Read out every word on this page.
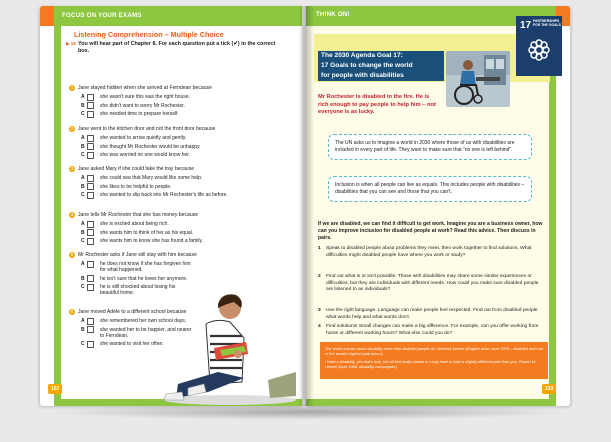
FOCUS ON YOUR EXAMS
Listening Comprehension – Multiple Choice
▶ 19 You will hear part of Chapter 8. For each question put a tick (✔) in the correct box.
1 Jane stayed hidden when she arrived at Ferndean because
A	she wasn't sure this was the right house.
B	she didn't want to worry Mr Rochester.
C	she needed time to prepare herself.
2 Jane went to the kitchen door and not the front door because
A	she wanted to arrive quietly and gently.
B	she thought Mr Rochester would be unhappy.
C	she was worried no one would know her.
3 Jane asked Mary if she could take the tray because
A	she could see that Mary would like some help.
B	she likes to be helpful to people.
C	she wanted to slip back into Mr Rochester's life as before.
4 Jane tells Mr Rochester that she has money because
A	she is excited about being rich.
B	she wants him to think of her as his equal.
C	she wants him to know she has found a family.
5 Mr Rochester asks if Jane will stay with him because
A	he does not know if she has forgiven him for what happened.
B	he isn't sure that he loves her anymore.
C	he is still shocked about losing his beautiful home.
6 Jane moved Adèle to a different school because
A	she remembered her own school days.
B	she wanted her to be happier, and nearer to Ferndean.
C	she wanted to visit her often.
102
THINK ON!
17 PARTNERSHIPS FOR THE GOALS
The 2030 Agenda Goal 17:
17 Goals to change the world
for people with disabilities
Mr Rochester is disabled in the fire. He is rich enough to pay people to help him – not everyone is as lucky.
The UN asks us to imagine a world in 2030 where those of us with disabilities are included in every part of life. They want to make sure that “no one is left behind”.
Inclusion is when all people can live as equals. This includes people with disabilities – disabilities that you can see and those that you can't.
If we are disabled, we can find it difficult to get work. Imagine you are a business owner, how can you improve inclusion for disabled people at work? Read this advice. Then discuss in pairs.
1 Speak to disabled people about problems they meet, then work together to find solutions. What difficulties might disabled people have where you work or study?
2 Find out what is or isn't possible. Those with disabilities may share some similar experiences or difficulties, but they are individuals with different needs. How could you make sure disabled people are listened to as individuals?
3 Use the right language. Language can make people feel respected. Find out from disabled people what words help and what words don't.
4 Find solutions! Small changes can make a big difference. For example, can you offer working from home or different working hours? What else could you do?
The world worries about disability more than disabled people do. Warwick Davies (English actor, born 1970 – disabled and one of the world's highest paid actors)
I have a disability, yes that's true, but all that really means is I may have to take a slightly different path than you. Robert M. Hensel (born 1969, disability campaigner)
103
